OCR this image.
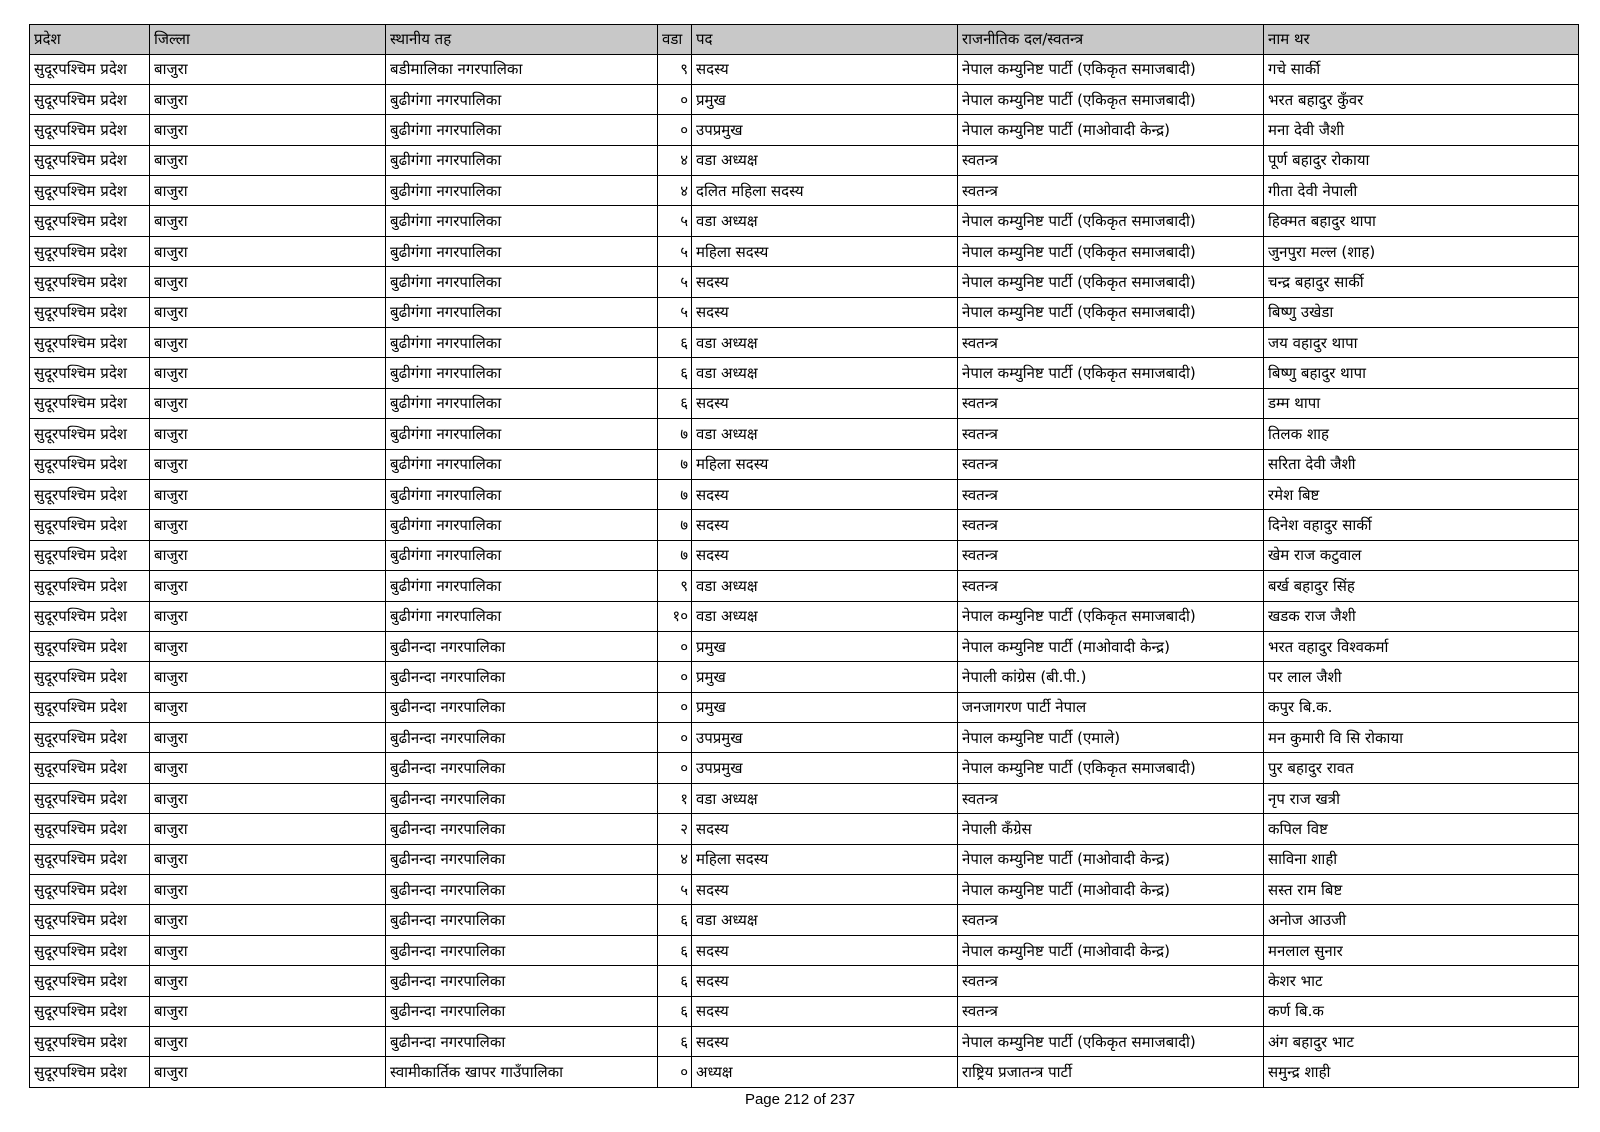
प्रदेश	जिल्ला	स्थानीय तह	वडा	पद	राजनीतिक दल/स्वतन्त्र	नाम थर
सुदूरपश्चिम प्रदेश	बाजुरा	बडीमालिका नगरपालिका	९	सदस्य	नेपाल कम्युनिष्ट पार्टी (एकिकृत समाजबादी)	गचे सार्की
सुदूरपश्चिम प्रदेश	बाजुरा	बुढीगंगा नगरपालिका	०	प्रमुख	नेपाल कम्युनिष्ट पार्टी (एकिकृत समाजबादी)	भरत बहादुर कुँवर
सुदूरपश्चिम प्रदेश	बाजुरा	बुढीगंगा नगरपालिका	०	उपप्रमुख	नेपाल कम्युनिष्ट पार्टी (माओवादी केन्द्र)	मना देवी जैशी
सुदूरपश्चिम प्रदेश	बाजुरा	बुढीगंगा नगरपालिका	४	वडा अध्यक्ष	स्वतन्त्र	पूर्ण बहादुर रोकाया
सुदूरपश्चिम प्रदेश	बाजुरा	बुढीगंगा नगरपालिका	४	दलित महिला सदस्य	स्वतन्त्र	गीता देवी नेपाली
सुदूरपश्चिम प्रदेश	बाजुरा	बुढीगंगा नगरपालिका	५	वडा अध्यक्ष	नेपाल कम्युनिष्ट पार्टी (एकिकृत समाजबादी)	हिक्मत बहादुर थापा
सुदूरपश्चिम प्रदेश	बाजुरा	बुढीगंगा नगरपालिका	५	महिला सदस्य	नेपाल कम्युनिष्ट पार्टी (एकिकृत समाजबादी)	जुनपुरा मल्ल (शाह)
सुदूरपश्चिम प्रदेश	बाजुरा	बुढीगंगा नगरपालिका	५	सदस्य	नेपाल कम्युनिष्ट पार्टी (एकिकृत समाजबादी)	चन्द्र बहादुर सार्की
सुदूरपश्चिम प्रदेश	बाजुरा	बुढीगंगा नगरपालिका	५	सदस्य	नेपाल कम्युनिष्ट पार्टी (एकिकृत समाजबादी)	बिष्णु उखेडा
सुदूरपश्चिम प्रदेश	बाजुरा	बुढीगंगा नगरपालिका	६	वडा अध्यक्ष	स्वतन्त्र	जय वहादुर थापा
सुदूरपश्चिम प्रदेश	बाजुरा	बुढीगंगा नगरपालिका	६	वडा अध्यक्ष	नेपाल कम्युनिष्ट पार्टी (एकिकृत समाजबादी)	बिष्णु बहादुर थापा
सुदूरपश्चिम प्रदेश	बाजुरा	बुढीगंगा नगरपालिका	६	सदस्य	स्वतन्त्र	डम्म थापा
सुदूरपश्चिम प्रदेश	बाजुरा	बुढीगंगा नगरपालिका	७	वडा अध्यक्ष	स्वतन्त्र	तिलक शाह
सुदूरपश्चिम प्रदेश	बाजुरा	बुढीगंगा नगरपालिका	७	महिला सदस्य	स्वतन्त्र	सरिता देवी जैशी
सुदूरपश्चिम प्रदेश	बाजुरा	बुढीगंगा नगरपालिका	७	सदस्य	स्वतन्त्र	रमेश बिष्ट
सुदूरपश्चिम प्रदेश	बाजुरा	बुढीगंगा नगरपालिका	७	सदस्य	स्वतन्त्र	दिनेश वहादुर सार्की
सुदूरपश्चिम प्रदेश	बाजुरा	बुढीगंगा नगरपालिका	७	सदस्य	स्वतन्त्र	खेम राज कटुवाल
सुदूरपश्चिम प्रदेश	बाजुरा	बुढीगंगा नगरपालिका	९	वडा अध्यक्ष	स्वतन्त्र	बर्ख बहादुर सिंह
सुदूरपश्चिम प्रदेश	बाजुरा	बुढीगंगा नगरपालिका	१०	वडा अध्यक्ष	नेपाल कम्युनिष्ट पार्टी (एकिकृत समाजबादी)	खडक राज जैशी
सुदूरपश्चिम प्रदेश	बाजुरा	बुढीनन्दा नगरपालिका	०	प्रमुख	नेपाल कम्युनिष्ट पार्टी (माओवादी केन्द्र)	भरत वहादुर विश्वकर्मा
सुदूरपश्चिम प्रदेश	बाजुरा	बुढीनन्दा नगरपालिका	०	प्रमुख	नेपाली कांग्रेस (बी.पी.)	पर लाल जैशी
सुदूरपश्चिम प्रदेश	बाजुरा	बुढीनन्दा नगरपालिका	०	प्रमुख	जनजागरण पार्टी नेपाल	कपुर बि.क.
सुदूरपश्चिम प्रदेश	बाजुरा	बुढीनन्दा नगरपालिका	०	उपप्रमुख	नेपाल कम्युनिष्ट पार्टी (एमाले)	मन कुमारी वि सि राेकाया
सुदूरपश्चिम प्रदेश	बाजुरा	बुढीनन्दा नगरपालिका	०	उपप्रमुख	नेपाल कम्युनिष्ट पार्टी (एकिकृत समाजबादी)	पुर बहादुर रावत
सुदूरपश्चिम प्रदेश	बाजुरा	बुढीनन्दा नगरपालिका	१	वडा अध्यक्ष	स्वतन्त्र	नृप राज खत्री
सुदूरपश्चिम प्रदेश	बाजुरा	बुढीनन्दा नगरपालिका	२	सदस्य	नेपाली कँग्रेस	कपिल विष्ट
सुदूरपश्चिम प्रदेश	बाजुरा	बुढीनन्दा नगरपालिका	४	महिला सदस्य	नेपाल कम्युनिष्ट पार्टी (माओवादी केन्द्र)	साविना शाही
सुदूरपश्चिम प्रदेश	बाजुरा	बुढीनन्दा नगरपालिका	५	सदस्य	नेपाल कम्युनिष्ट पार्टी (माओवादी केन्द्र)	सस्त राम बिष्ट
सुदूरपश्चिम प्रदेश	बाजुरा	बुढीनन्दा नगरपालिका	६	वडा अध्यक्ष	स्वतन्त्र	अनोज आउजी
सुदूरपश्चिम प्रदेश	बाजुरा	बुढीनन्दा नगरपालिका	६	सदस्य	नेपाल कम्युनिष्ट पार्टी (माओवादी केन्द्र)	मनलाल सुनार
सुदूरपश्चिम प्रदेश	बाजुरा	बुढीनन्दा नगरपालिका	६	सदस्य	स्वतन्त्र	केशर भाट
सुदूरपश्चिम प्रदेश	बाजुरा	बुढीनन्दा नगरपालिका	६	सदस्य	स्वतन्त्र	कर्ण बि.क
सुदूरपश्चिम प्रदेश	बाजुरा	बुढीनन्दा नगरपालिका	६	सदस्य	नेपाल कम्युनिष्ट पार्टी (एकिकृत समाजबादी)	अंग बहादुर भाट
सुदूरपश्चिम प्रदेश	बाजुरा	स्वामीकार्तिक खापर गाउँपालिका	०	अध्यक्ष	राष्ट्रिय प्रजातन्त्र पार्टी	समुन्द्र शाही
Page 212 of 237
